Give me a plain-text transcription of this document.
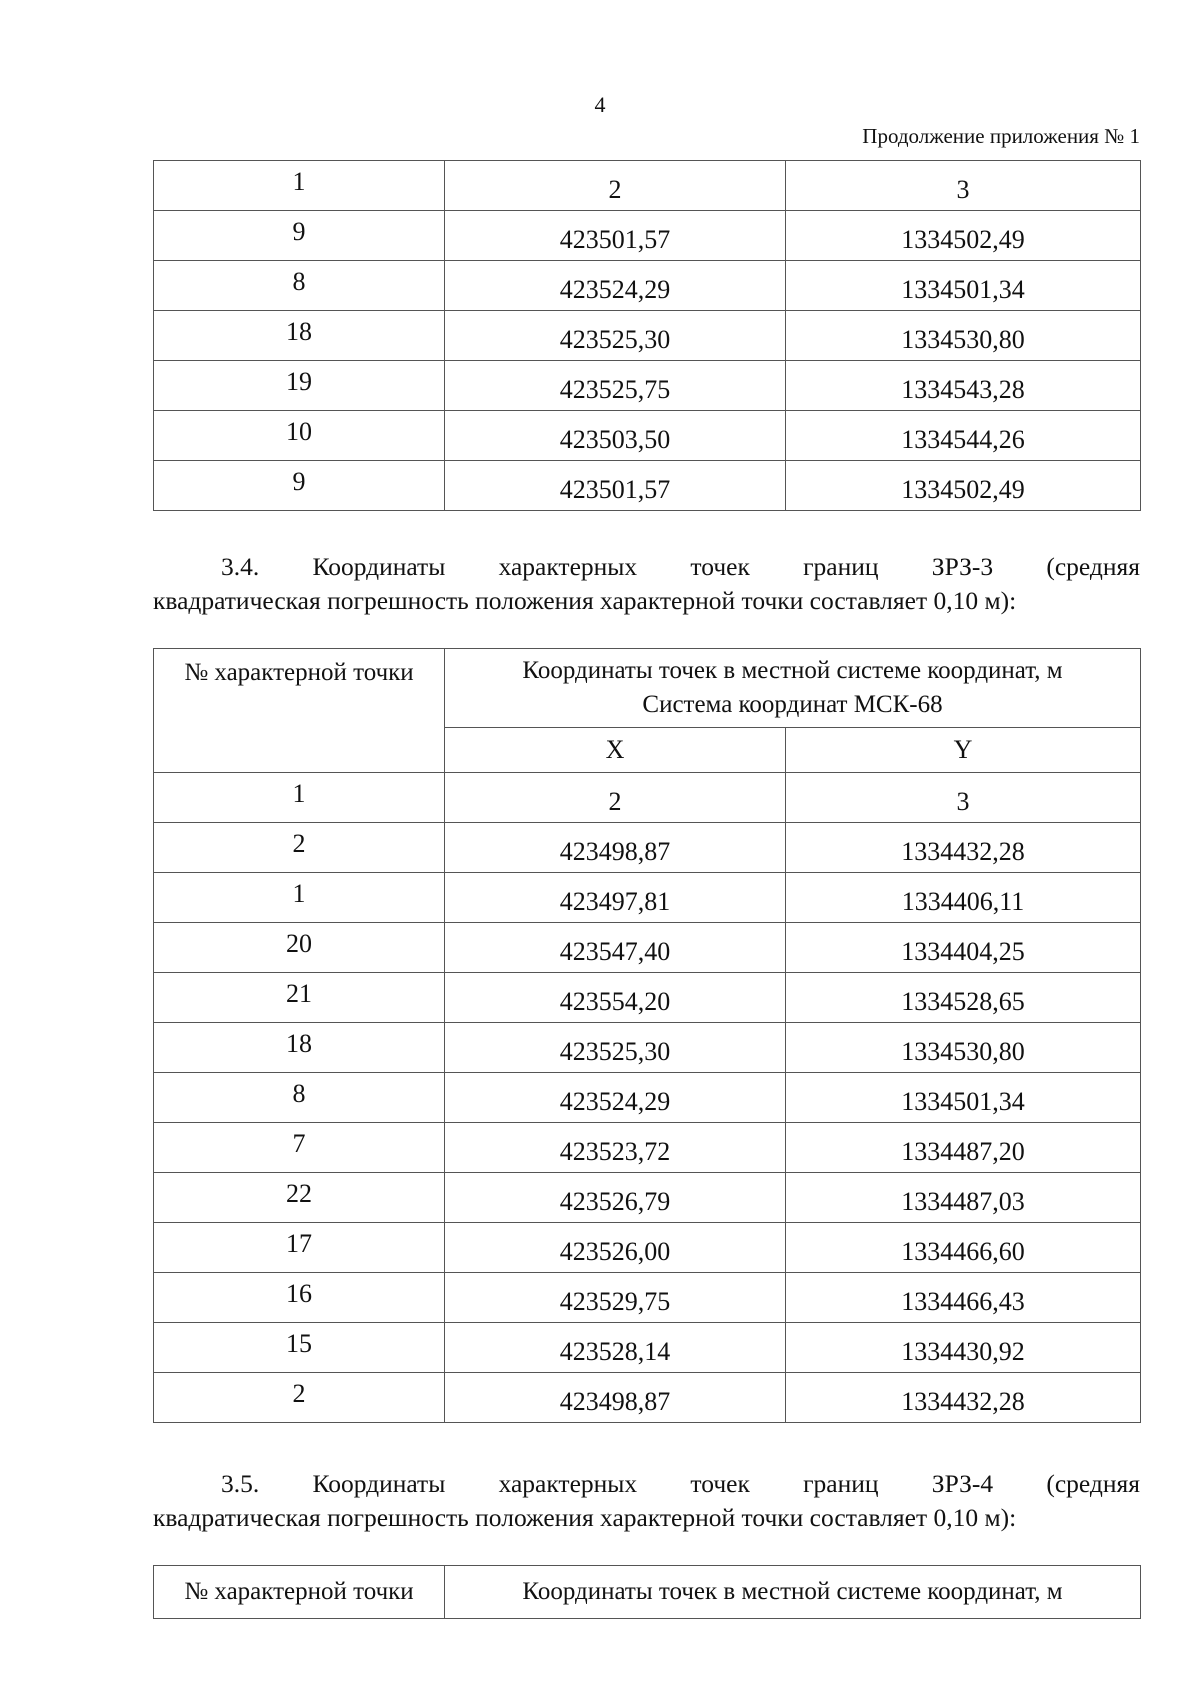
4
Продолжение приложения № 1
1	2	3
9	423501,57	1334502,49
8	423524,29	1334501,34
18	423525,30	1334530,80
19	423525,75	1334543,28
10	423503,50	1334544,26
9	423501,57	1334502,49
3.4. Координаты характерных точек границ ЗРЗ-3 (средняя
квадратическая погрешность положения характерной точки составляет 0,10 м):
№ характерной точки	Координаты точек в местной системе координат, м
Система координат МСК-68	

	X	Y
1	2	3
2	423498,87	1334432,28
1	423497,81	1334406,11
20	423547,40	1334404,25
21	423554,20	1334528,65
18	423525,30	1334530,80
8	423524,29	1334501,34
7	423523,72	1334487,20
22	423526,79	1334487,03
17	423526,00	1334466,60
16	423529,75	1334466,43
15	423528,14	1334430,92
2	423498,87	1334432,28
3.5. Координаты характерных точек границ ЗРЗ-4 (средняя
квадратическая погрешность положения характерной точки составляет 0,10 м):
№ характерной точки	Координаты точек в местной системе координат, м
